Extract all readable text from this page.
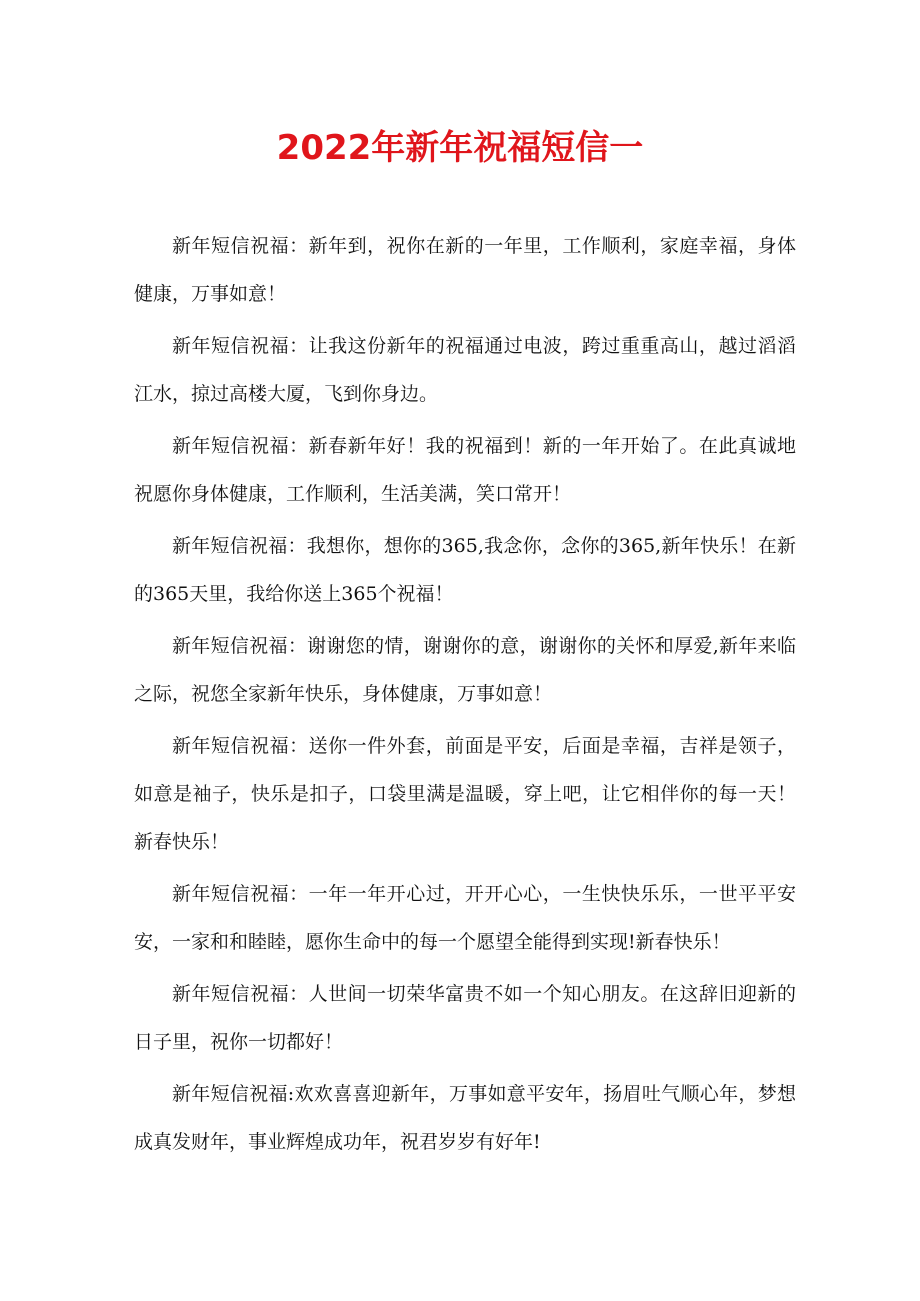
2022年新年祝福短信一

新年短信祝福：新年到，祝你在新的一年里，工作顺利，家庭幸福，身体健康，万事如意！

新年短信祝福：让我这份新年的祝福通过电波，跨过重重高山，越过滔滔江水，掠过高楼大厦，飞到你身边。

新年短信祝福：新春新年好！我的祝福到！新的一年开始了。在此真诚地祝愿你身体健康，工作顺利，生活美满，笑口常开！

新年短信祝福：我想你，想你的365,我念你，念你的365,新年快乐！在新的365天里，我给你送上365个祝福！

新年短信祝福：谢谢您的情，谢谢你的意，谢谢你的关怀和厚爱,新年来临之际，祝您全家新年快乐，身体健康，万事如意！

新年短信祝福：送你一件外套，前面是平安，后面是幸福，吉祥是领子，如意是袖子，快乐是扣子，口袋里满是温暖，穿上吧，让它相伴你的每一天！新春快乐！

新年短信祝福：一年一年开心过，开开心心，一生快快乐乐，一世平平安安，一家和和睦睦，愿你生命中的每一个愿望全能得到实现!新春快乐！

新年短信祝福：人世间一切荣华富贵不如一个知心朋友。在这辞旧迎新的日子里，祝你一切都好！

新年短信祝福:欢欢喜喜迎新年，万事如意平安年，扬眉吐气顺心年，梦想成真发财年，事业辉煌成功年，祝君岁岁有好年!
